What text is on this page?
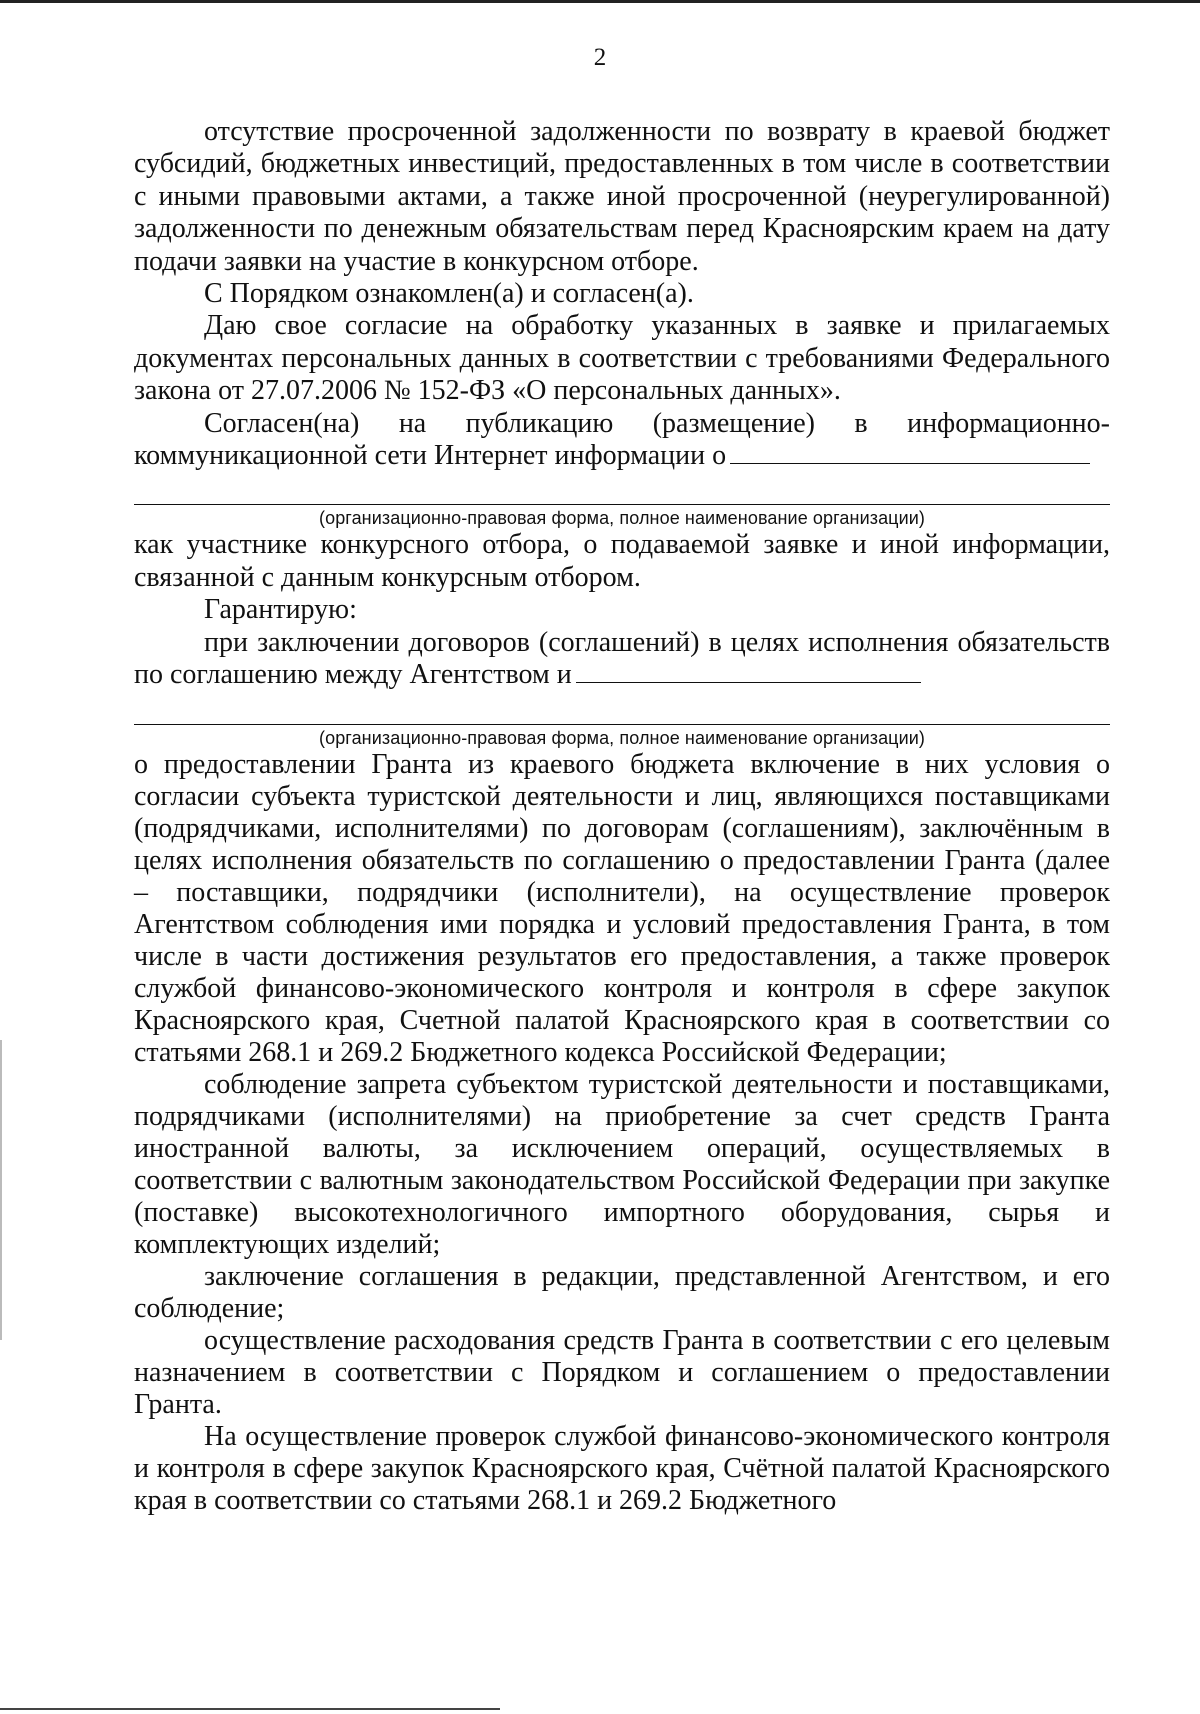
2

отсутствие просроченной задолженности по возврату в краевой бюджет субсидий, бюджетных инвестиций, предоставленных в том числе в соответствии с иными правовыми актами, а также иной просроченной (неурегулированной) задолженности по денежным обязательствам перед Красноярским краем на дату подачи заявки на участие в конкурсном отборе.

С Порядком ознакомлен(а) и согласен(а).

Даю свое согласие на обработку указанных в заявке и прилагаемых документах персональных данных в соответствии с требованиями Федерального закона от 27.07.2006 № 152-ФЗ «О персональных данных».

Согласен(на) на публикацию (размещение) в информационно-коммуникационной сети Интернет информации о

(организационно-правовая форма, полное наименование организации)

как участнике конкурсного отбора, о подаваемой заявке и иной информации, связанной с данным конкурсным отбором.

Гарантирую:

при заключении договоров (соглашений) в целях исполнения обязательств по соглашению между Агентством и

(организационно-правовая форма, полное наименование организации)

о предоставлении Гранта из краевого бюджета включение в них условия о согласии субъекта туристской деятельности и лиц, являющихся поставщиками (подрядчиками, исполнителями) по договорам (соглашениям), заключённым в целях исполнения обязательств по соглашению о предоставлении Гранта (далее – поставщики, подрядчики (исполнители), на осуществление проверок Агентством соблюдения ими порядка и условий предоставления Гранта, в том числе в части достижения результатов его предоставления, а также проверок службой финансово-экономического контроля и контроля в сфере закупок Красноярского края, Счетной палатой Красноярского края в соответствии со статьями 268.1 и 269.2 Бюджетного кодекса Российской Федерации;

соблюдение запрета субъектом туристской деятельности и поставщиками, подрядчиками (исполнителями) на приобретение за счет средств Гранта иностранной валюты, за исключением операций, осуществляемых в соответствии с валютным законодательством Российской Федерации при закупке (поставке) высокотехнологичного импортного оборудования, сырья и комплектующих изделий;

заключение соглашения в редакции, представленной Агентством, и его соблюдение;

осуществление расходования средств Гранта в соответствии с его целевым назначением в соответствии с Порядком и соглашением о предоставлении Гранта.

На осуществление проверок службой финансово-экономического контроля и контроля в сфере закупок Красноярского края, Счётной палатой Красноярского края в соответствии со статьями 268.1 и 269.2 Бюджетного
